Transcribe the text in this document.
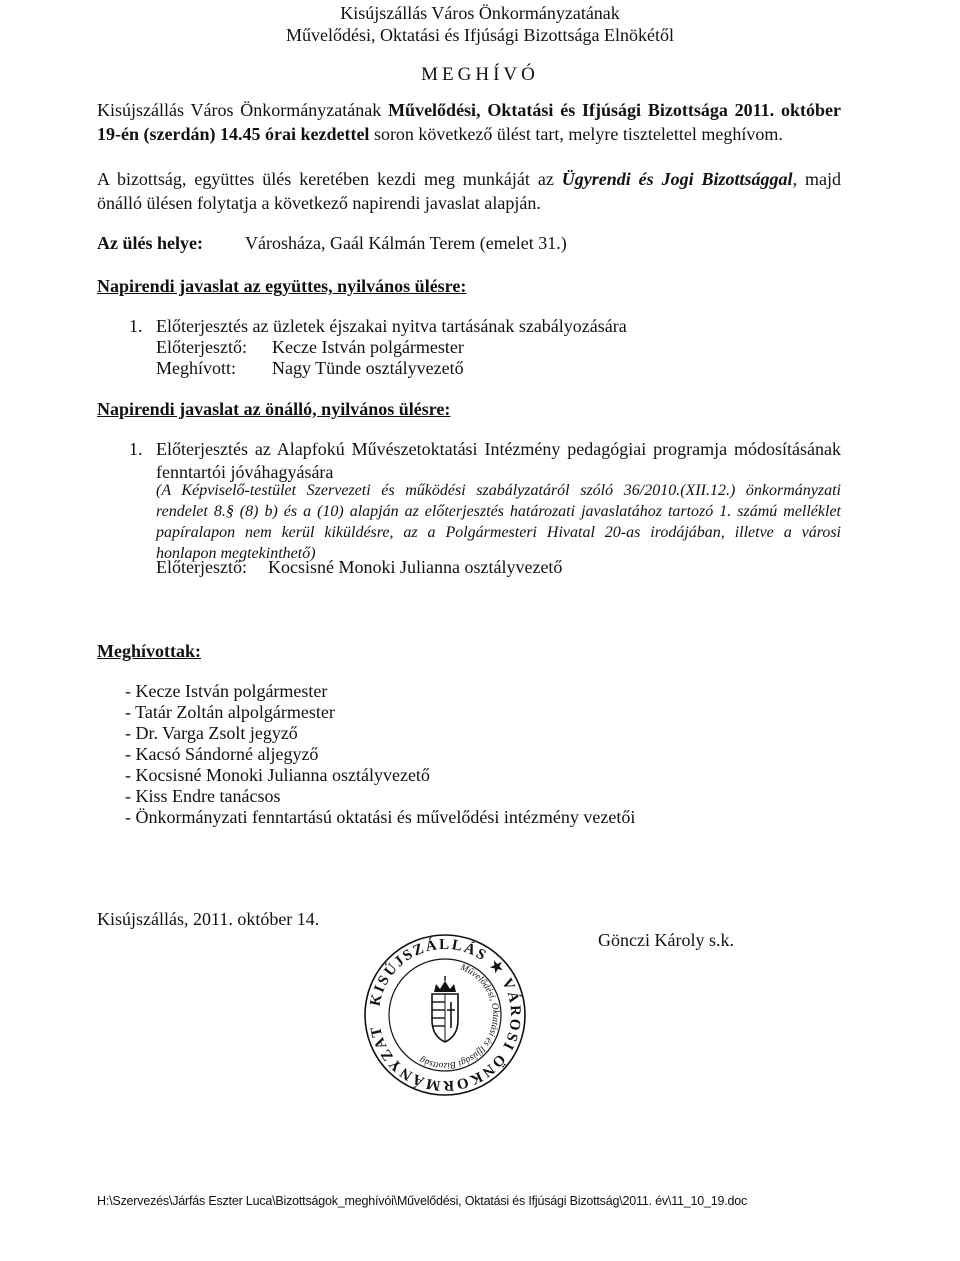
Kisújszállás Város Önkormányzatának
Művelődési, Oktatási és Ifjúsági Bizottsága Elnökétől
MEGHÍVÓ
Kisújszállás Város Önkormányzatának Művelődési, Oktatási és Ifjúsági Bizottsága 2011. október
19-én (szerdán) 14.45 órai kezdettel soron következő ülést tart, melyre tisztelettel meghívom.
A bizottság, együttes ülés keretében kezdi meg munkáját az Ügyrendi és Jogi Bizottsággal, majd
önálló ülésen folytatja a következő napirendi javaslat alapján.
Az ülés helye: Városháza, Gaál Kálmán Terem (emelet 31.)
Napirendi javaslat az együttes, nyilvános ülésre:
1. Előterjesztés az üzletek éjszakai nyitva tartásának szabályozására
Előterjesztő: Kecze István polgármester
Meghívott: Nagy Tünde osztályvezető
Napirendi javaslat az önálló, nyilvános ülésre:
1. Előterjesztés az Alapfokú Művészetoktatási Intézmény pedagógiai programja módosításának
fenntartói jóváhagyására
(A Képviselő-testület Szervezeti és működési szabályzatáról szóló 36/2010.(XII.12.) önkormányzati
rendelet 8.§ (8) b) és a (10) alapján az előterjesztés határozati javaslatához tartozó 1. számú melléklet
papíralapon nem kerül kiküldésre, az a Polgármesteri Hivatal 20-as irodájában, illetve a városi
honlapon megtekinthető)
Előterjesztő: Kocsisné Monoki Julianna osztályvezető
Meghívottak:
- Kecze István polgármester
- Tatár Zoltán alpolgármester
- Dr. Varga Zsolt jegyző
- Kacsó Sándorné aljegyző
- Kocsisné Monoki Julianna osztályvezető
- Kiss Endre tanácsos
- Önkormányzati fenntartású oktatási és művelődési intézmény vezetői
Kisújszállás, 2011. október 14.
Gönczi Károly s.k.
KISÚJSZÁLLÁS ★ VÁROSI ÖNKORMÁNYZAT
Művelődési, Oktatási és Ifjúsági Bizottság
H:\Szervezés\Járfás Eszter Luca\Bizottságok_meghívói\Művelődési, Oktatási és Ifjúsági Bizottság\2011. év\11_10_19.doc
